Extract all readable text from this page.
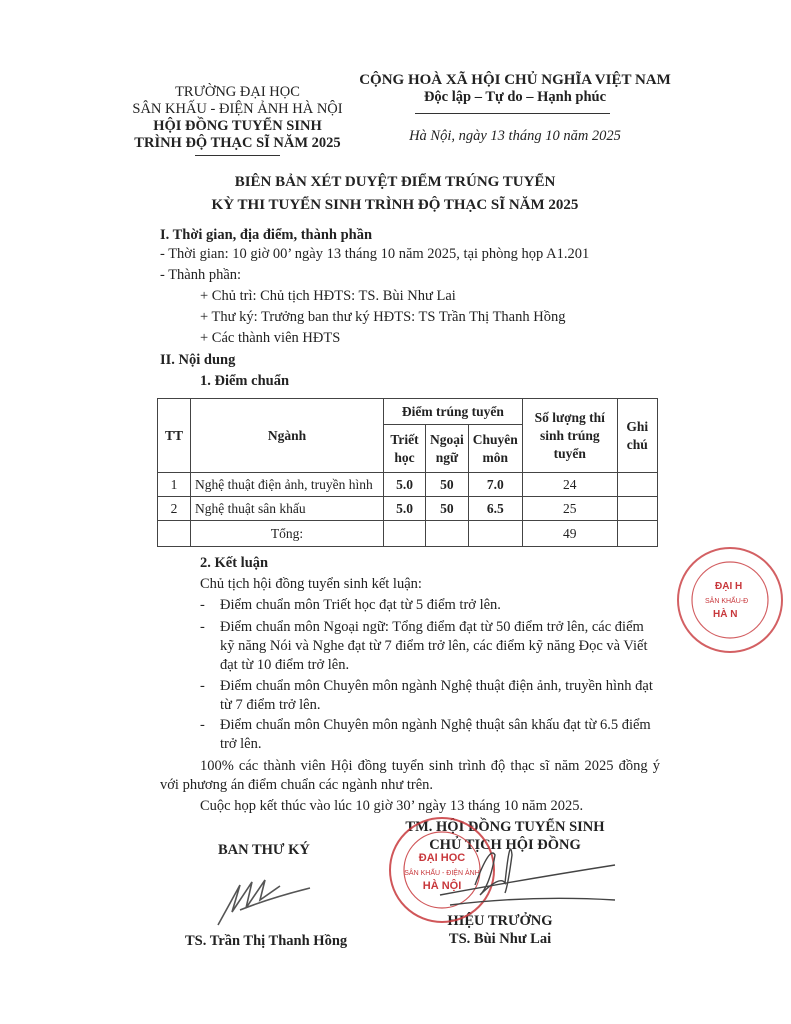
TRƯỜNG ĐẠI HỌC
SÂN KHẤU - ĐIỆN ẢNH HÀ NỘI
HỘI ĐỒNG TUYỂN SINH
TRÌNH ĐỘ THẠC SĨ NĂM 2025
CỘNG HOÀ XÃ HỘI CHỦ NGHĨA VIỆT NAM
Độc lập – Tự do – Hạnh phúc
Hà Nội, ngày 13 tháng 10 năm 2025
BIÊN BẢN XÉT DUYỆT ĐIỂM TRÚNG TUYỂN
KỲ THI TUYỂN SINH TRÌNH ĐỘ THẠC SĨ NĂM 2025
I. Thời gian, địa điểm, thành phần
- Thời gian: 10 giờ 00’ ngày 13 tháng 10 năm 2025, tại phòng họp A1.201
- Thành phần:
+ Chủ trì: Chủ tịch HĐTS: TS. Bùi Như Lai
+ Thư ký: Trưởng ban thư ký HĐTS: TS Trần Thị Thanh Hồng
+ Các thành viên HĐTS
II. Nội dung
1. Điểm chuẩn
TT	Ngành	Điểm trúng tuyển			Số lượng thí sinh trúng tuyển	Ghi chú
		Triết học	Ngoại ngữ	Chuyên môn		
1	Nghệ thuật điện ảnh, truyền hình	5.0	50	7.0	24	
2	Nghệ thuật sân khấu	5.0	50	6.5	25	
	Tổng:				49	
2. Kết luận
Chủ tịch hội đồng tuyển sinh kết luận:
- Điểm chuẩn môn Triết học đạt từ 5 điểm trở lên.
- Điểm chuẩn môn Ngoại ngữ: Tổng điểm đạt từ 50 điểm trở lên, các điểm kỹ năng Nói và Nghe đạt từ 7 điểm trở lên, các điểm kỹ năng Đọc và Viết đạt từ 10 điểm trở lên.
- Điểm chuẩn môn Chuyên môn ngành Nghệ thuật điện ảnh, truyền hình đạt từ 7 điểm trở lên.
- Điểm chuẩn môn Chuyên môn ngành Nghệ thuật sân khấu đạt từ 6.5 điểm trở lên.
100% các thành viên Hội đồng tuyển sinh trình độ thạc sĩ năm 2025 đồng ý với phương án điểm chuẩn các ngành như trên.
Cuộc họp kết thúc vào lúc 10 giờ 30’ ngày 13 tháng 10 năm 2025.
BAN THƯ KÝ
TS. Trần Thị Thanh Hồng
TM. HỘI ĐỒNG TUYỂN SINH
CHỦ TỊCH HỘI ĐỒNG
HIỆU TRƯỞNG
TS. Bùi Như Lai
ĐẠI HỌC
SÂN KHẤU - ĐIỆN ẢNH
HÀ NỘI
ĐẠI H
SÂN KHẤU-Đ
HÀ N
